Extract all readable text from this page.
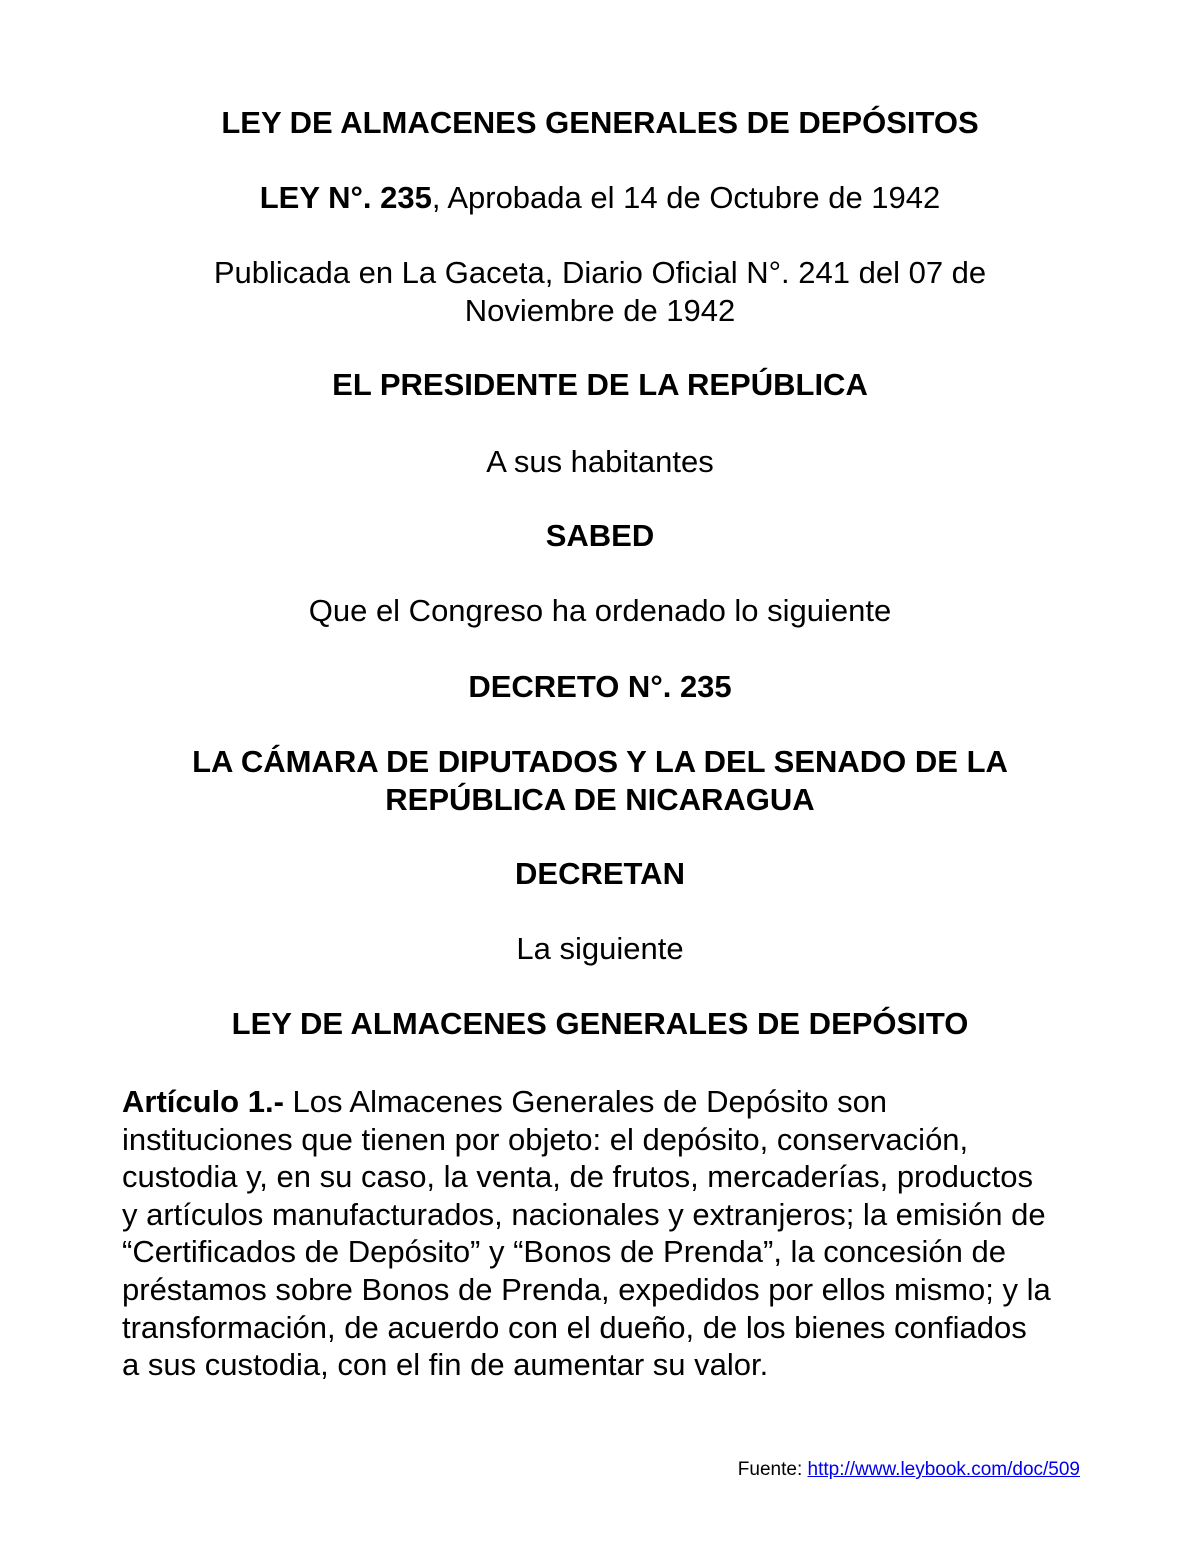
LEY DE ALMACENES GENERALES DE DEPÓSITOS
LEY N°. 235, Aprobada el 14 de Octubre de 1942
Publicada en La Gaceta, Diario Oficial N°. 241 del 07 de
Noviembre de 1942
EL PRESIDENTE DE LA REPÚBLICA
A sus habitantes
SABED
Que el Congreso ha ordenado lo siguiente
DECRETO N°. 235
LA CÁMARA DE DIPUTADOS Y LA DEL SENADO DE LA
REPÚBLICA DE NICARAGUA
DECRETAN
La siguiente
LEY DE ALMACENES GENERALES DE DEPÓSITO
Artículo 1.- Los Almacenes Generales de Depósito son
instituciones que tienen por objeto: el depósito, conservación,
custodia y, en su caso, la venta, de frutos, mercaderías, productos
y artículos manufacturados, nacionales y extranjeros; la emisión de
“Certificados de Depósito” y “Bonos de Prenda”, la concesión de
préstamos sobre Bonos de Prenda, expedidos por ellos mismo; y la
transformación, de acuerdo con el dueño, de los bienes confiados
a sus custodia, con el fin de aumentar su valor.
Fuente: http://www.leybook.com/doc/509
